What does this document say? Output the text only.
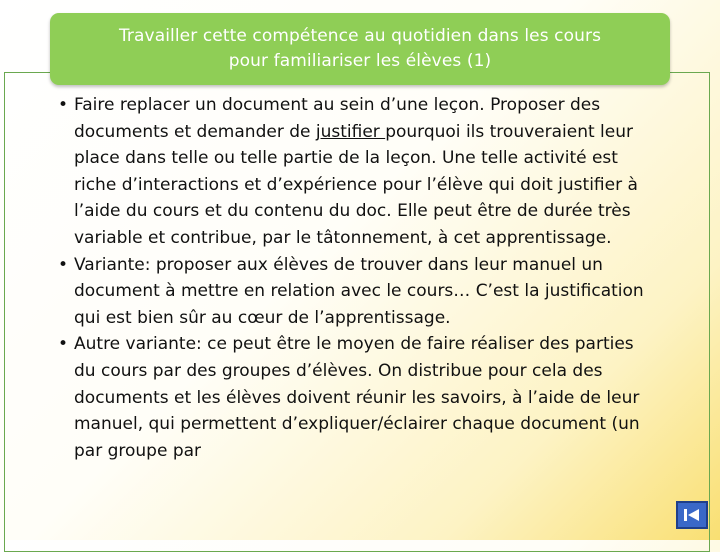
Travailler cette compétence au quotidien dans les cours
pour familiariser les élèves (1)

• Faire replacer un document au sein d’une leçon. Proposer des documents et demander de justifier pourquoi ils trouveraient leur place dans telle ou telle partie de la leçon. Une telle activité est riche d’interactions et d’expérience pour l’élève qui doit justifier à l’aide du cours et du contenu du doc. Elle peut être de durée très variable et contribue, par le tâtonnement, à cet apprentissage.

• Variante: proposer aux élèves de trouver dans leur manuel un document à mettre en relation avec le cours… C’est la justification qui est bien sûr au cœur de l’apprentissage.

• Autre variante: ce peut être le moyen de faire réaliser des parties du cours par des groupes d’élèves. On distribue pour cela des documents et les élèves doivent réunir les savoirs, à l’aide de leur manuel, qui permettent d’expliquer/éclairer chaque document (un par groupe par
